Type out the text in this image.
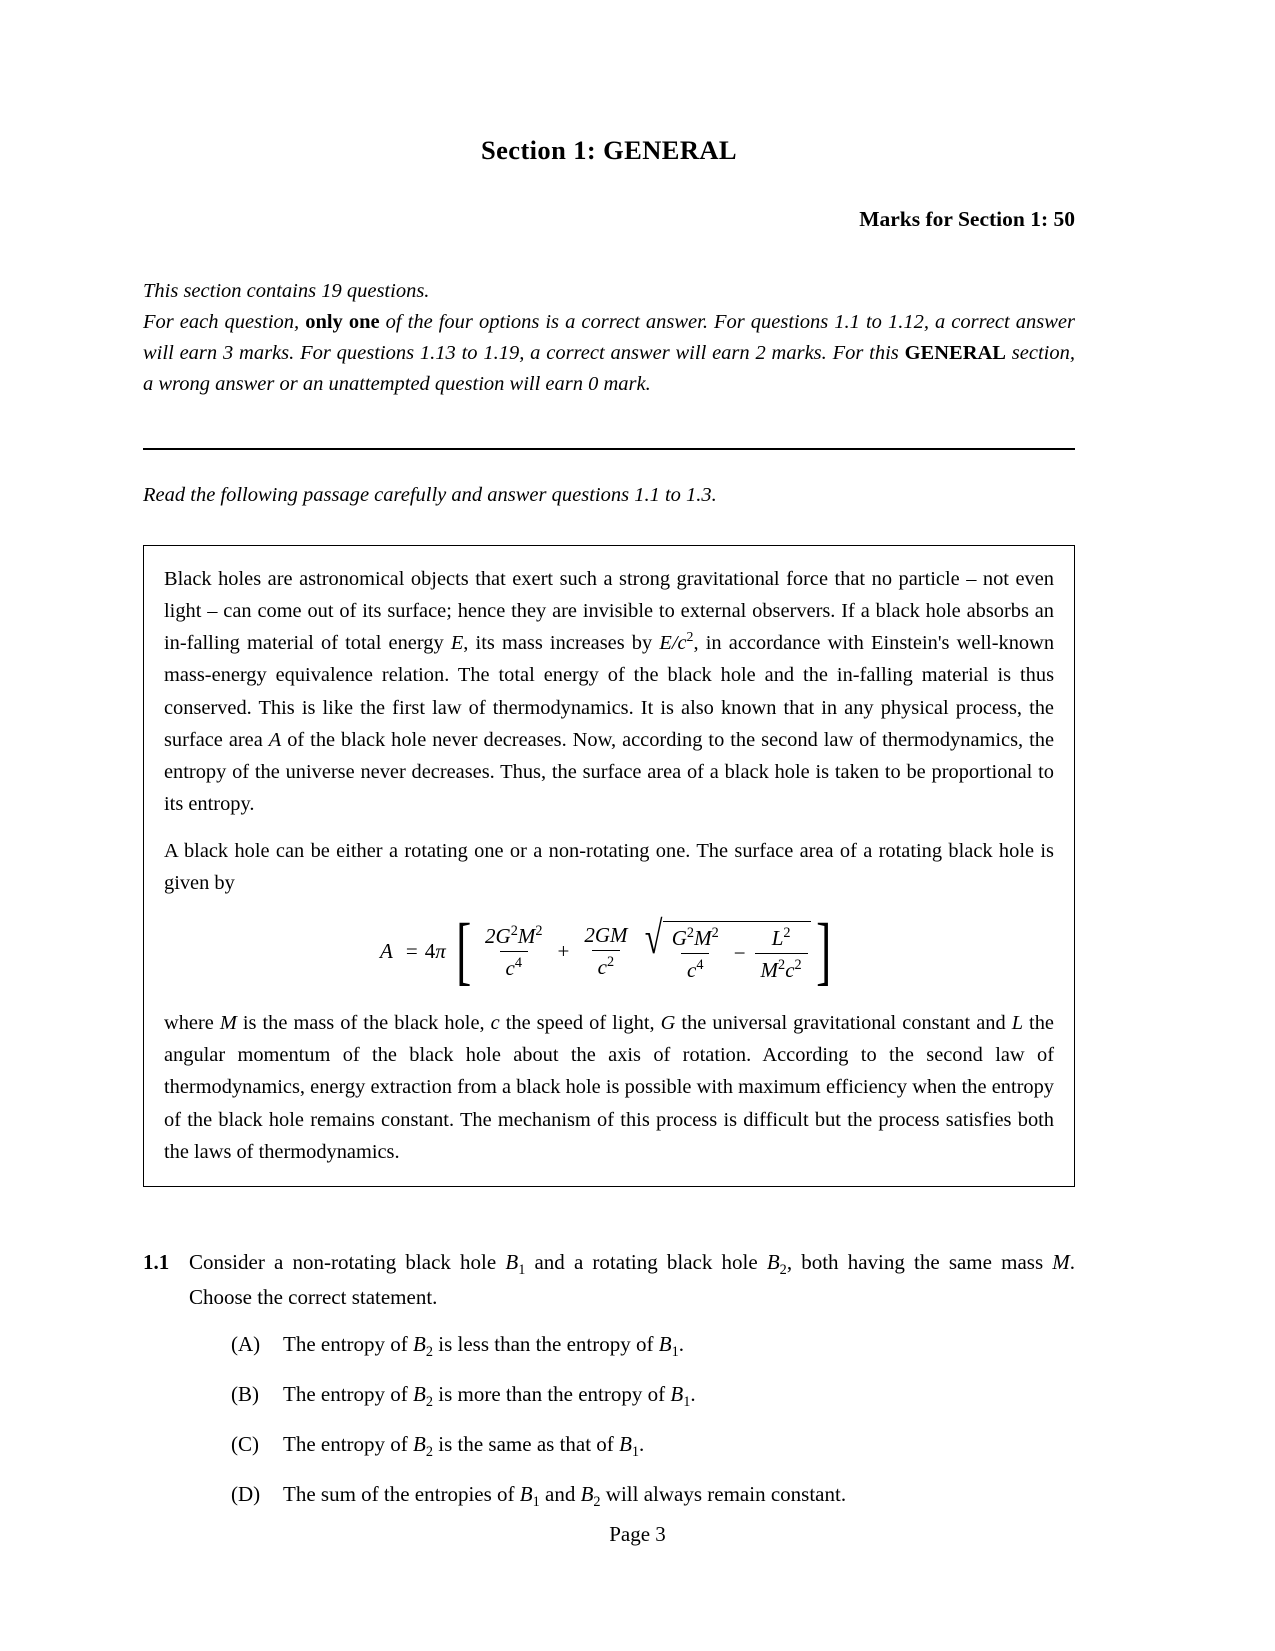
Section 1: GENERAL
Marks for Section 1: 50
This section contains 19 questions.
For each question, only one of the four options is a correct answer. For questions 1.1 to 1.12, a correct answer will earn 3 marks. For questions 1.13 to 1.19, a correct answer will earn 2 marks. For this GENERAL section, a wrong answer or an unattempted question will earn 0 mark.
Read the following passage carefully and answer questions 1.1 to 1.3.

Black holes are astronomical objects that exert such a strong gravitational force that no particle – not even light – can come out of its surface; hence they are invisible to external observers. If a black hole absorbs an in-falling material of total energy E, its mass increases by $E/c^2$, in accordance with Einstein's well-known mass-energy equivalence relation. The total energy of the black hole and the in-falling material is thus conserved. This is like the first law of thermodynamics. It is also known that in any physical process, the surface area A of the black hole never decreases. Now, according to the second law of thermodynamics, the entropy of the universe never decreases. Thus, the surface area of a black hole is taken to be proportional to its entropy.

A black hole can be either a rotating one or a non-rotating one. The surface area of a rotating black hole is given by

A = 4 π [ $\frac{2G^2M^2}{c^4} + \frac{2GM}{c^2}$ √ $\frac{G^2M^2}{c^4} - \frac{L^2}{M^2c^2}$ ]

where M is the mass of the black hole, c the speed of light, G the universal gravitational constant and L the angular momentum of the black hole about the axis of rotation. According to the second law of thermodynamics, energy extraction from a black hole is possible with maximum efficiency when the entropy of the black hole remains constant. The mechanism of this process is difficult but the process satisfies both the laws of thermodynamics.

1.1 Consider a non-rotating black hole $B_1$ and a rotating black hole $B_2$, both having the same mass M. Choose the correct statement.
(A)	The entropy of $B_2$ is less than the entropy of $B_1$.
(B)	The entropy of $B_2$ is more than the entropy of $B_1$.
(C)	The entropy of $B_2$ is the same as that of $B_1$.
(D)	The sum of the entropies of $B_1$ and $B_2$ will always remain constant.
Page 3
